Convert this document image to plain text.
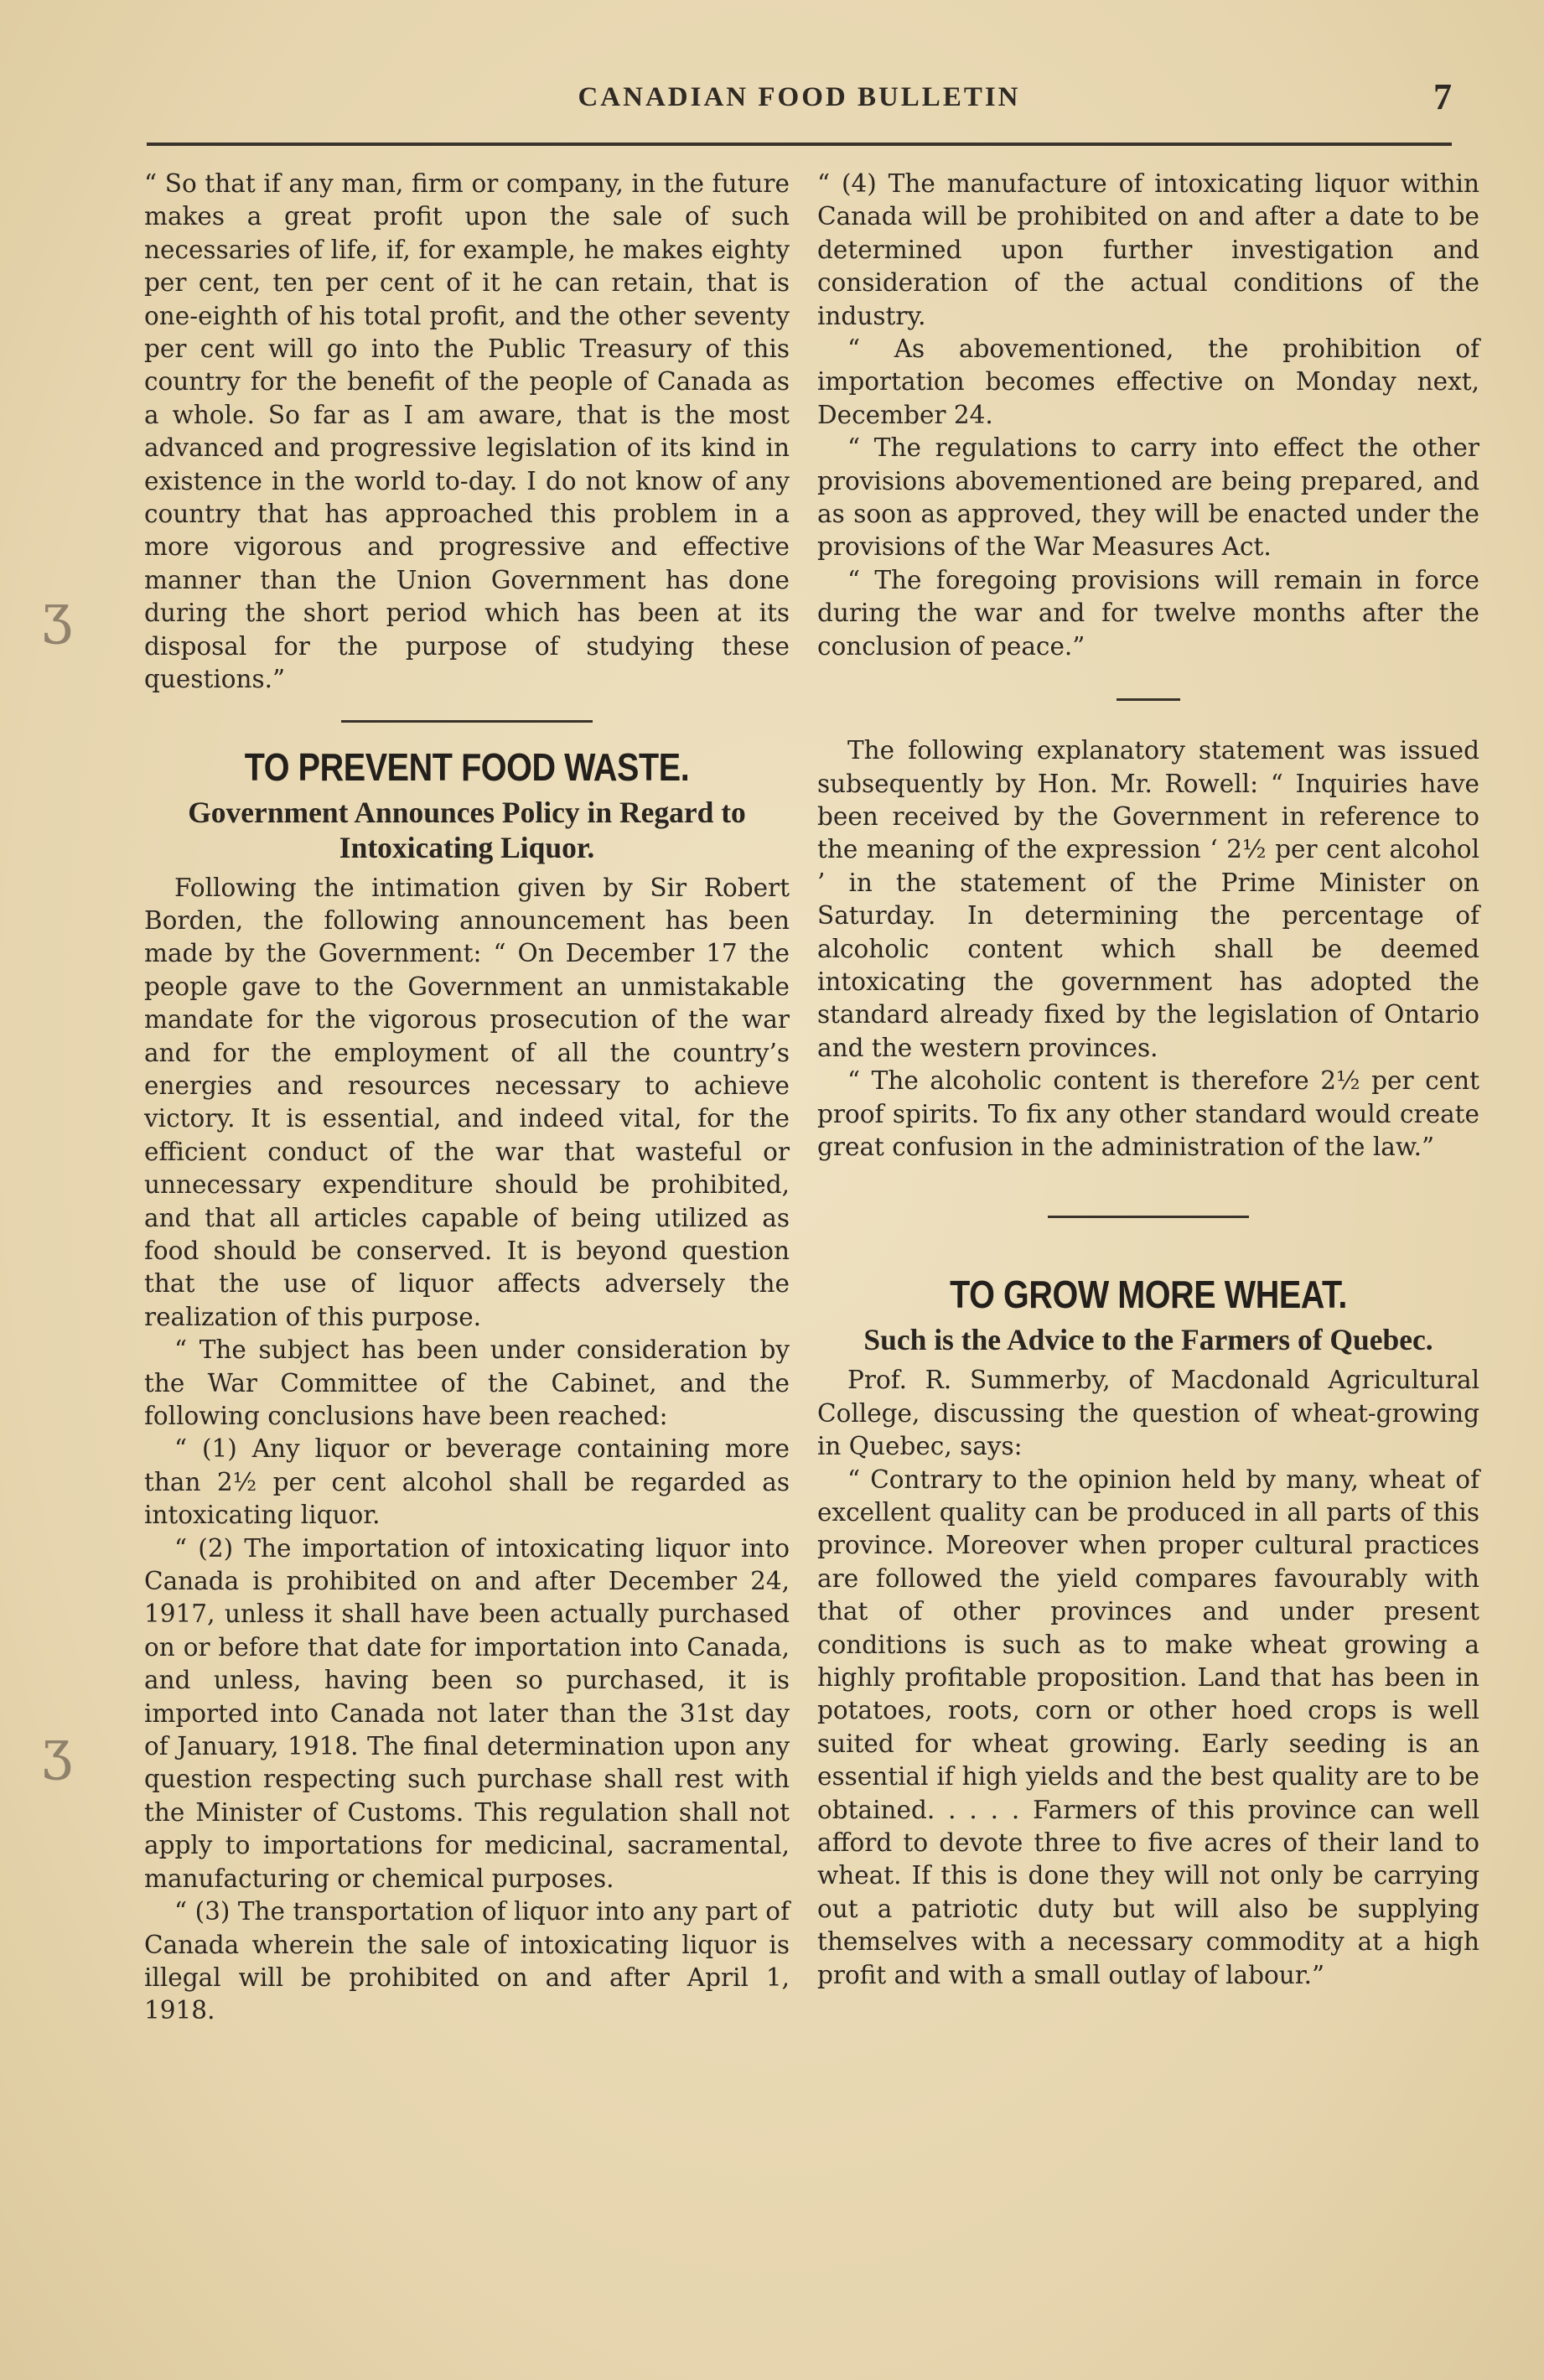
CANADIAN FOOD BULLETIN	7
ʒ
ʒ

“ So that if any man, firm or company, in the future makes a great profit upon the sale of such necessaries of life, if, for example, he makes eighty per cent, ten per cent of it he can retain, that is one-eighth of his total profit, and the other seventy per cent will go into the Public Treasury of this country for the benefit of the people of Canada as a whole. So far as I am aware, that is the most advanced and progressive legislation of its kind in existence in the world to-day. I do not know of any country that has approached this problem in a more vigorous and progressive and effective manner than the Union Government has done during the short period which has been at its disposal for the purpose of studying these questions.”

TO PREVENT FOOD WASTE.
Government Announces Policy in Regard to Intoxicating Liquor.

Following the intimation given by Sir Robert Borden, the following announcement has been made by the Government: “ On December 17 the people gave to the Government an unmistakable mandate for the vigorous prosecution of the war and for the employment of all the country’s energies and resources necessary to achieve victory. It is essential, and indeed vital, for the efficient conduct of the war that wasteful or unnecessary expenditure should be prohibited, and that all articles capable of being utilized as food should be conserved. It is beyond question that the use of liquor affects adversely the realization of this purpose.

“ The subject has been under consideration by the War Committee of the Cabinet, and the following conclusions have been reached:

“ (1) Any liquor or beverage containing more than 2½ per cent alcohol shall be regarded as intoxicating liquor.

“ (2) The importation of intoxicating liquor into Canada is prohibited on and after December 24, 1917, unless it shall have been actually purchased on or before that date for importation into Canada, and unless, having been so purchased, it is imported into Canada not later than the 31st day of January, 1918. The final determination upon any question respecting such purchase shall rest with the Minister of Customs. This regulation shall not apply to importations for medicinal, sacramental, manufacturing or chemical purposes.

“ (3) The transportation of liquor into any part of Canada wherein the sale of intoxicating liquor is illegal will be prohibited on and after April 1, 1918.

“ (4) The manufacture of intoxicating liquor within Canada will be prohibited on and after a date to be determined upon further investigation and consideration of the actual conditions of the industry.

“ As abovementioned, the prohibition of importation becomes effective on Monday next, December 24.

“ The regulations to carry into effect the other provisions abovementioned are being prepared, and as soon as approved, they will be enacted under the provisions of the War Measures Act.

“ The foregoing provisions will remain in force during the war and for twelve months after the conclusion of peace.”

The following explanatory statement was issued subsequently by Hon. Mr. Rowell: “ Inquiries have been received by the Government in reference to the meaning of the expression ‘ 2½ per cent alcohol ’ in the statement of the Prime Minister on Saturday. In determining the percentage of alcoholic content which shall be deemed intoxicating the government has adopted the standard already fixed by the legislation of Ontario and the western provinces.

“ The alcoholic content is therefore 2½ per cent proof spirits. To fix any other standard would create great confusion in the administration of the law.”

TO GROW MORE WHEAT.
Such is the Advice to the Farmers of Quebec.

Prof. R. Summerby, of Macdonald Agricultural College, discussing the question of wheat-growing in Quebec, says:

“ Contrary to the opinion held by many, wheat of excellent quality can be produced in all parts of this province. Moreover when proper cultural practices are followed the yield compares favourably with that of other provinces and under present conditions is such as to make wheat growing a highly profitable proposition. Land that has been in potatoes, roots, corn or other hoed crops is well suited for wheat growing. Early seeding is an essential if high yields and the best quality are to be obtained. . . . . Farmers of this province can well afford to devote three to five acres of their land to wheat. If this is done they will not only be carrying out a patriotic duty but will also be supplying themselves with a necessary commodity at a high profit and with a small outlay of labour.”
